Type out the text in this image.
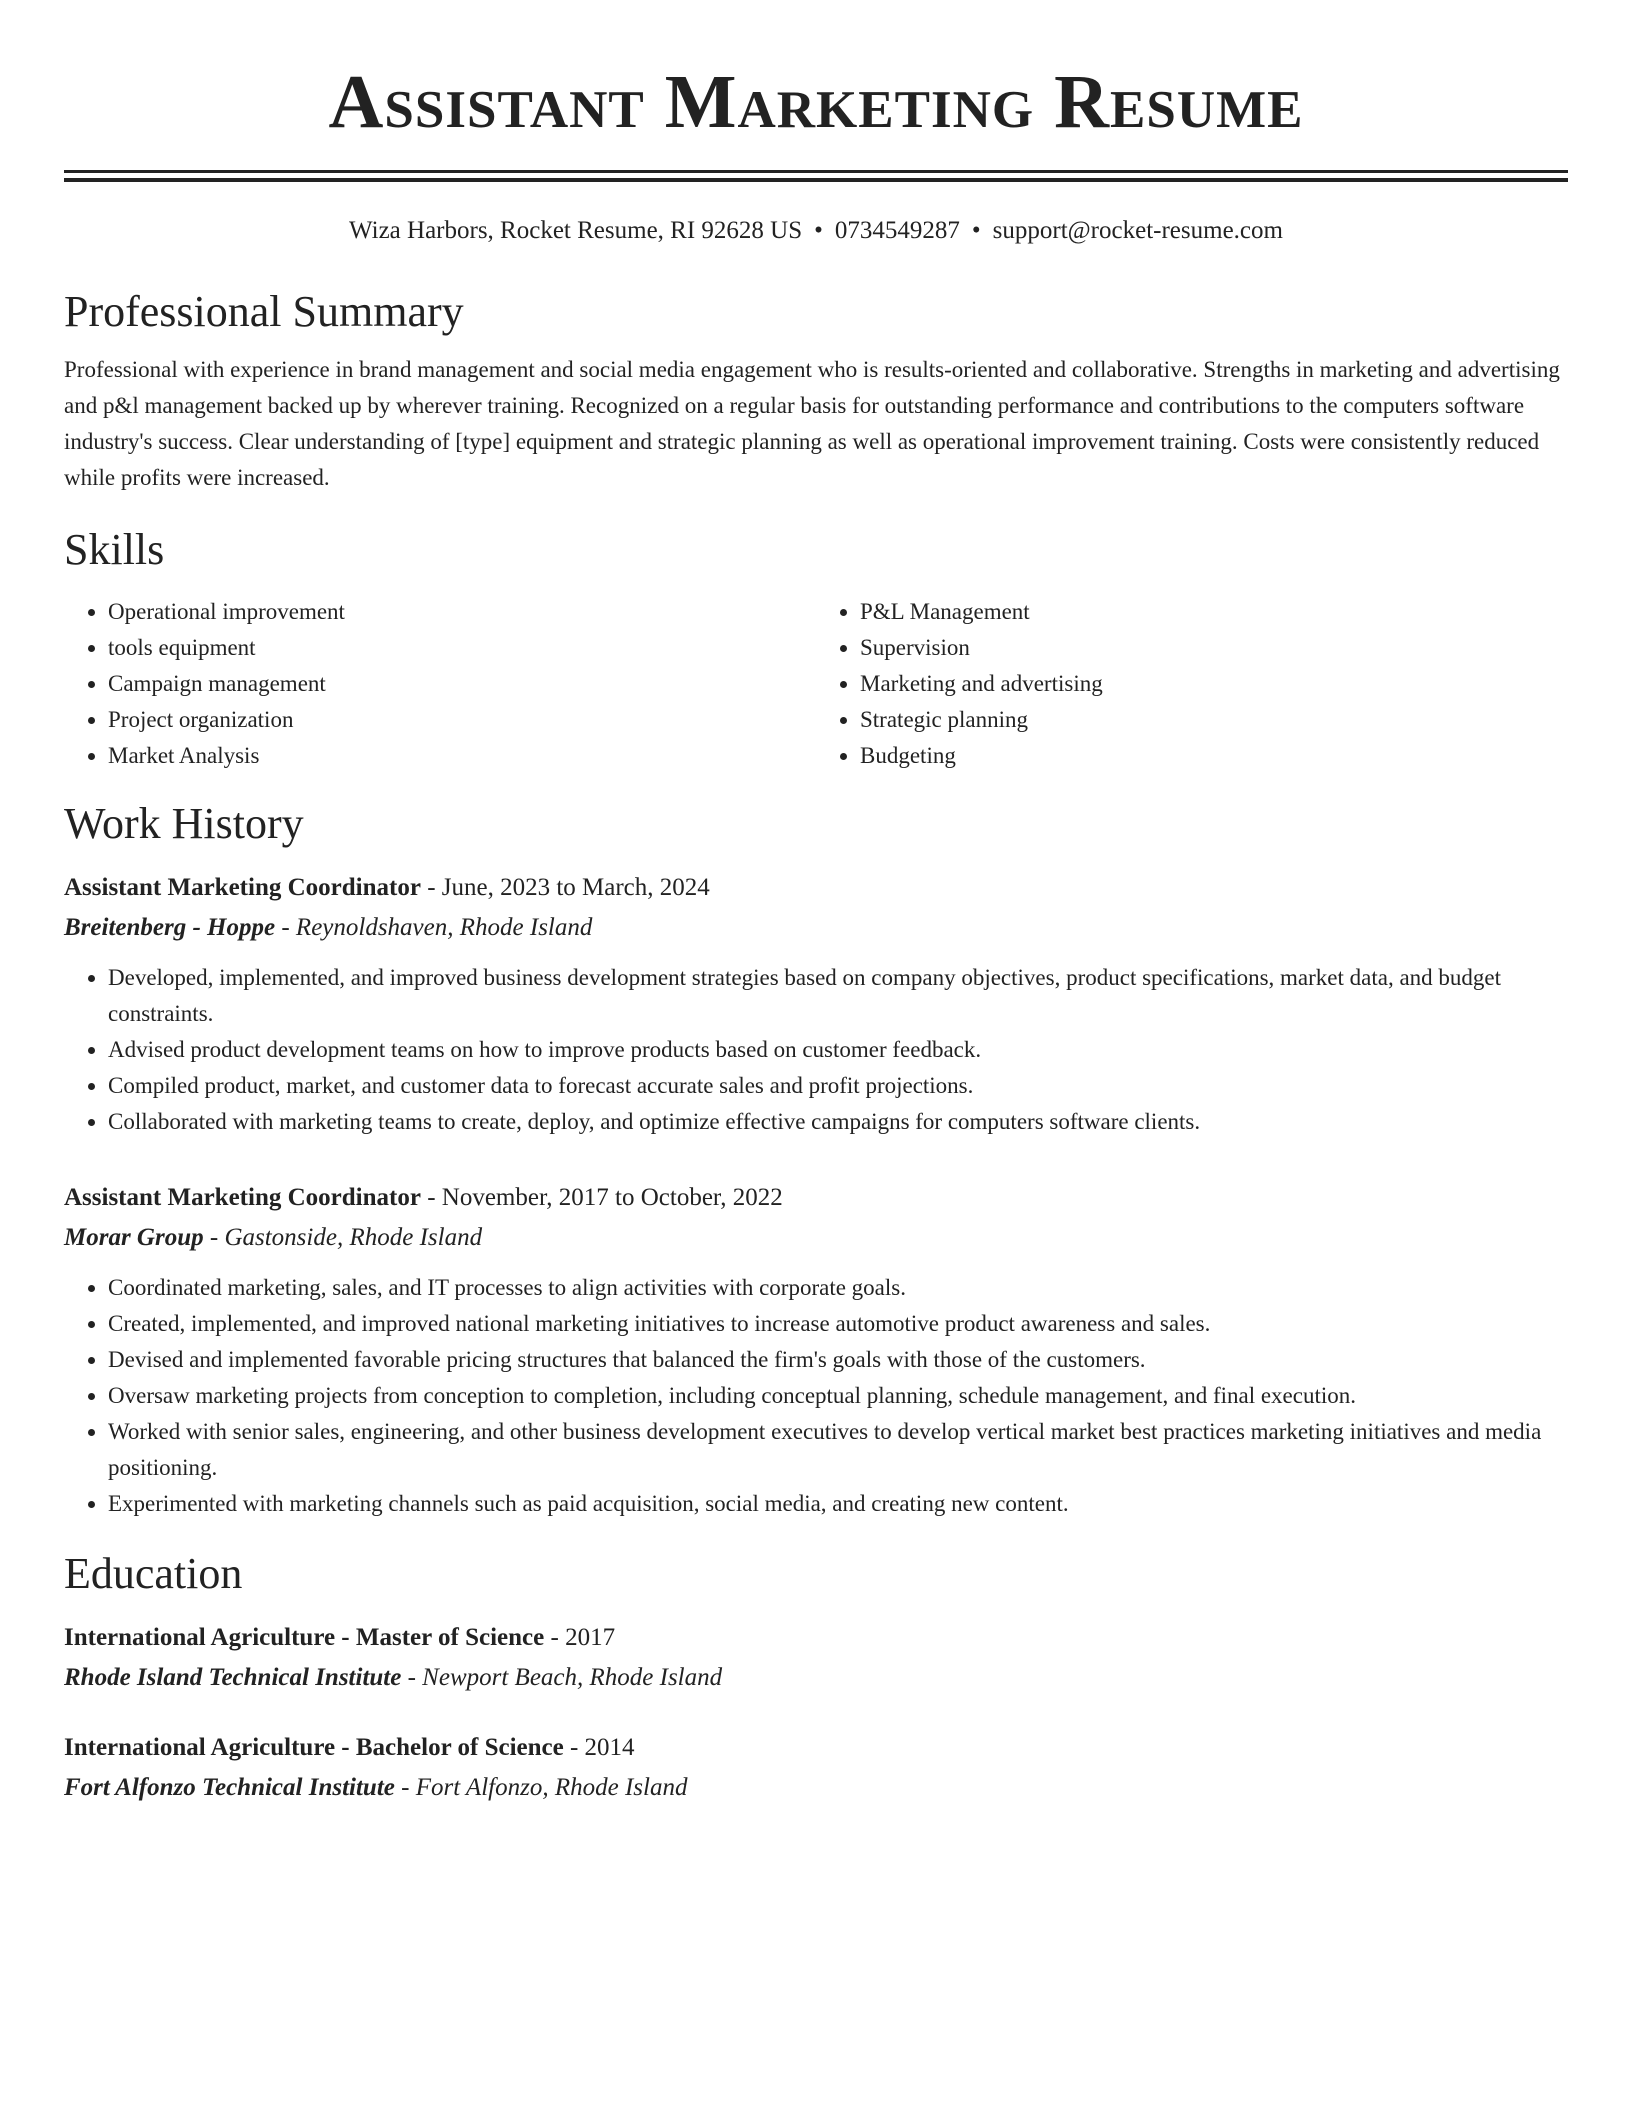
Assistant Marketing Resume
Wiza Harbors, Rocket Resume, RI 92628 US • 0734549287 • support@rocket-resume.com
Professional Summary

Professional with experience in brand management and social media engagement who is results-oriented and collaborative. Strengths in marketing and advertising and p&l management backed up by wherever training. Recognized on a regular basis for outstanding performance and contributions to the computers software industry's success. Clear understanding of [type] equipment and strategic planning as well as operational improvement training. Costs were consistently reduced while profits were increased.

Skills
• Operational improvement
• tools equipment
• Campaign management
• Project organization
• Market Analysis
• P&L Management
• Supervision
• Marketing and advertising
• Strategic planning
• Budgeting
Work History
Assistant Marketing Coordinator - June, 2023 to March, 2024
Breitenberg - Hoppe - Reynoldshaven, Rhode Island
• Developed, implemented, and improved business development strategies based on company objectives, product specifications, market data, and budget constraints.
• Advised product development teams on how to improve products based on customer feedback.
• Compiled product, market, and customer data to forecast accurate sales and profit projections.
• Collaborated with marketing teams to create, deploy, and optimize effective campaigns for computers software clients.
Assistant Marketing Coordinator - November, 2017 to October, 2022
Morar Group - Gastonside, Rhode Island
• Coordinated marketing, sales, and IT processes to align activities with corporate goals.
• Created, implemented, and improved national marketing initiatives to increase automotive product awareness and sales.
• Devised and implemented favorable pricing structures that balanced the firm's goals with those of the customers.
• Oversaw marketing projects from conception to completion, including conceptual planning, schedule management, and final execution.
• Worked with senior sales, engineering, and other business development executives to develop vertical market best practices marketing initiatives and media positioning.
• Experimented with marketing channels such as paid acquisition, social media, and creating new content.
Education
International Agriculture - Master of Science - 2017
Rhode Island Technical Institute - Newport Beach, Rhode Island
International Agriculture - Bachelor of Science - 2014
Fort Alfonzo Technical Institute - Fort Alfonzo, Rhode Island
